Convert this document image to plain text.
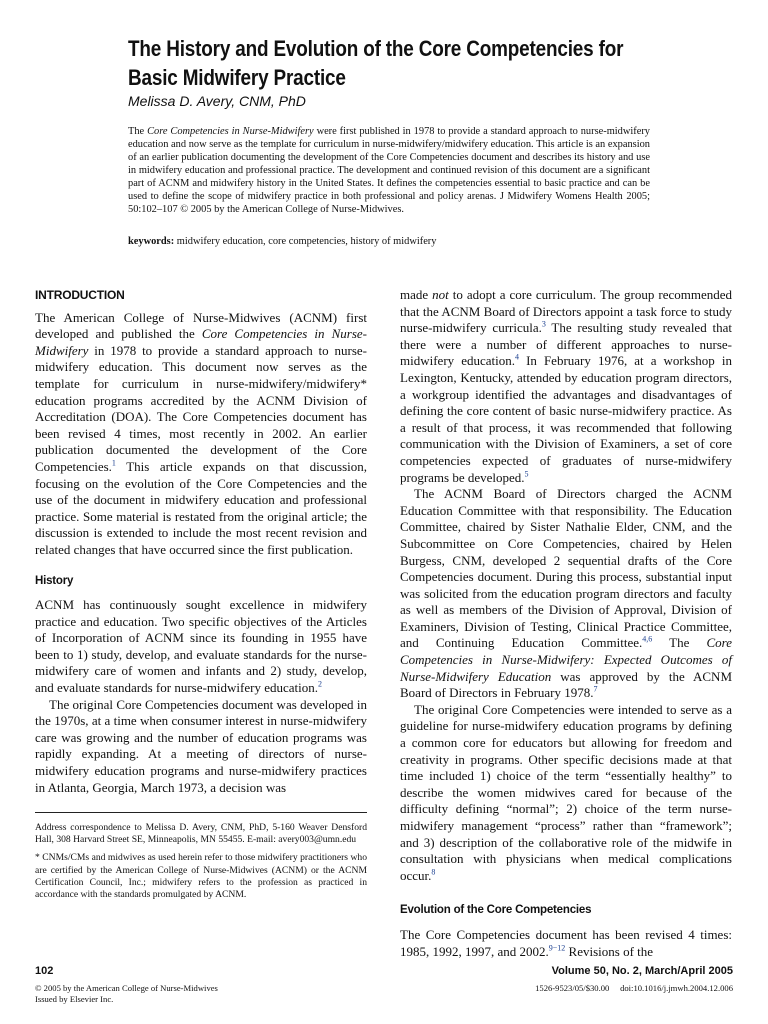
The History and Evolution of the Core Competencies for
Basic Midwifery Practice
Melissa D. Avery, CNM, PhD

The Core Competencies in Nurse-Midwifery were first published in 1978 to provide a standard approach to nurse-midwifery education and now serve as the template for curriculum in nurse-midwifery/midwifery education. This article is an expansion of an earlier publication documenting the development of the Core Competencies document and describes its history and use in midwifery education and professional practice. The development and continued revision of this document are a significant part of ACNM and midwifery history in the United States. It defines the competencies essential to basic practice and can be used to define the scope of midwifery practice in both professional and policy arenas. J Midwifery Womens Health 2005; 50:102–107 © 2005 by the American College of Nurse-Midwives.

keywords: midwifery education, core competencies, history of midwifery
INTRODUCTION

The American College of Nurse-Midwives (ACNM) first developed and published the Core Competencies in Nurse-Midwifery in 1978 to provide a standard approach to nurse-midwifery education. This document now serves as the template for curriculum in nurse-midwifery/midwifery* education programs accredited by the ACNM Division of Accreditation (DOA). The Core Competencies document has been revised 4 times, most recently in 2002. An earlier publication documented the development of the Core Competencies.$^1$ This article expands on that discussion, focusing on the evolution of the Core Competencies and the use of the document in midwifery education and professional practice. Some material is restated from the original article; the discussion is extended to include the most recent revision and related changes that have occurred since the first publication.

History

ACNM has continuously sought excellence in midwifery practice and education. Two specific objectives of the Articles of Incorporation of ACNM since its founding in 1955 have been to 1) study, develop, and evaluate standards for the nurse-midwifery care of women and infants and 2) study, develop, and evaluate standards for nurse-midwifery education.$^2$

The original Core Competencies document was developed in the 1970s, at a time when consumer interest in nurse-midwifery care was growing and the number of education programs was rapidly expanding. At a meeting of directors of nurse-midwifery education programs and nurse-midwifery practices in Atlanta, Georgia, March 1973, a decision was

made not to adopt a core curriculum. The group recommended that the ACNM Board of Directors appoint a task force to study nurse-midwifery curricula.$^3$ The resulting study revealed that there were a number of different approaches to nurse-midwifery education.$^4$ In February 1976, at a workshop in Lexington, Kentucky, attended by education program directors, a workgroup identified the advantages and disadvantages of defining the core content of basic nurse-midwifery practice. As a result of that process, it was recommended that following communication with the Division of Examiners, a set of core competencies expected of graduates of nurse-midwifery programs be developed.$^5$

The ACNM Board of Directors charged the ACNM Education Committee with that responsibility. The Education Committee, chaired by Sister Nathalie Elder, CNM, and the Subcommittee on Core Competencies, chaired by Helen Burgess, CNM, developed 2 sequential drafts of the Core Competencies document. During this process, substantial input was solicited from the education program directors and faculty as well as members of the Division of Approval, Division of Examiners, Division of Testing, Clinical Practice Committee, and Continuing Education Committee.$^{4,6}$ The Core Competencies in Nurse-Midwifery: Expected Outcomes of Nurse-Midwifery Education was approved by the ACNM Board of Directors in February 1978.$^7$

The original Core Competencies were intended to serve as a guideline for nurse-midwifery education programs by defining a common core for educators but allowing for freedom and creativity in programs. Other specific decisions made at that time included 1) choice of the term “essentially healthy” to describe the women midwives cared for because of the difficulty defining “normal”; 2) choice of the term nurse-midwifery management “process” rather than “framework”; and 3) description of the collaborative role of the midwife in consultation with physicians when medical complications occur.$^8$

Evolution of the Core Competencies

The Core Competencies document has been revised 4 times: 1985, 1992, 1997, and 2002.$^{9-12}$ Revisions of the

Address correspondence to Melissa D. Avery, CNM, PhD, 5-160 Weaver Densford Hall, 308 Harvard Street SE, Minneapolis, MN 55455. E-mail: avery003@umn.edu

* CNMs/CMs and midwives as used herein refer to those midwifery practitioners who are certified by the American College of Nurse-Midwives (ACNM) or the ACNM Certification Council, Inc.; midwifery refers to the profession as practiced in accordance with the standards promulgated by ACNM.

102	Volume 50, No. 2, March/April 2005
© 2005 by the American College of Nurse-Midwives
Issued by Elsevier Inc.
1526-9523/05/$30.00     doi:10.1016/j.jmwh.2004.12.006
